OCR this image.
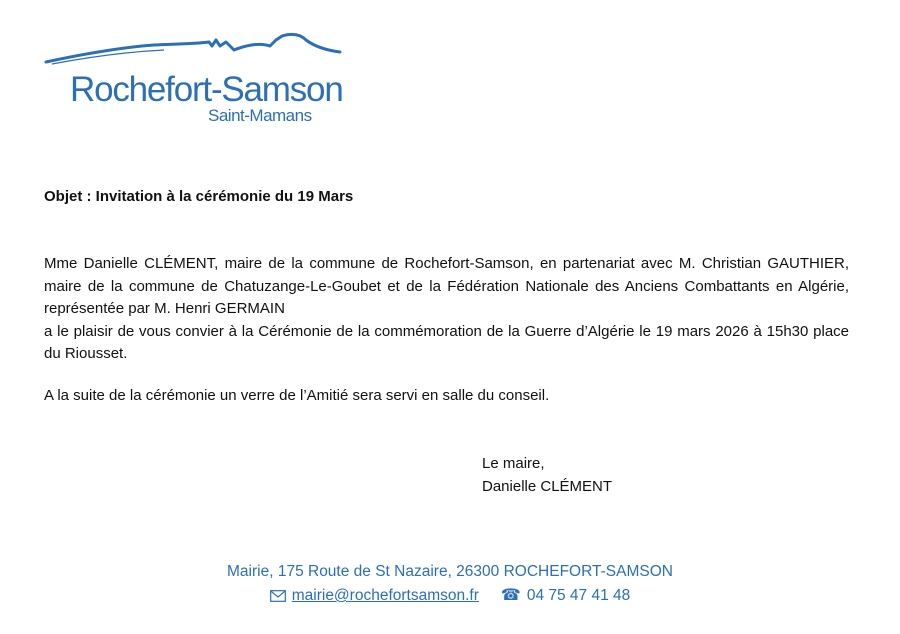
Rochefort-Samson
Saint-Mamans
Objet : Invitation à la cérémonie du 19 Mars
Mme Danielle CLÉMENT, maire de la commune de Rochefort-Samson, en partenariat avec M. Christian GAUTHIER, maire de la commune de Chatuzange-Le-Goubet et de la Fédération Nationale des Anciens Combattants en Algérie, représentée par M. Henri GERMAIN
a le plaisir de vous convier à la Cérémonie de la commémoration de la Guerre d’Algérie le 19 mars 2026 à 15h30 place du Riousset.
A la suite de la cérémonie un verre de l’Amitié sera servi en salle du conseil.
Le maire,
Danielle CLÉMENT
Mairie, 175 Route de St Nazaire, 26300 ROCHEFORT-SAMSON
mairie@rochefortsamson.fr ☎ 04 75 47 41 48
